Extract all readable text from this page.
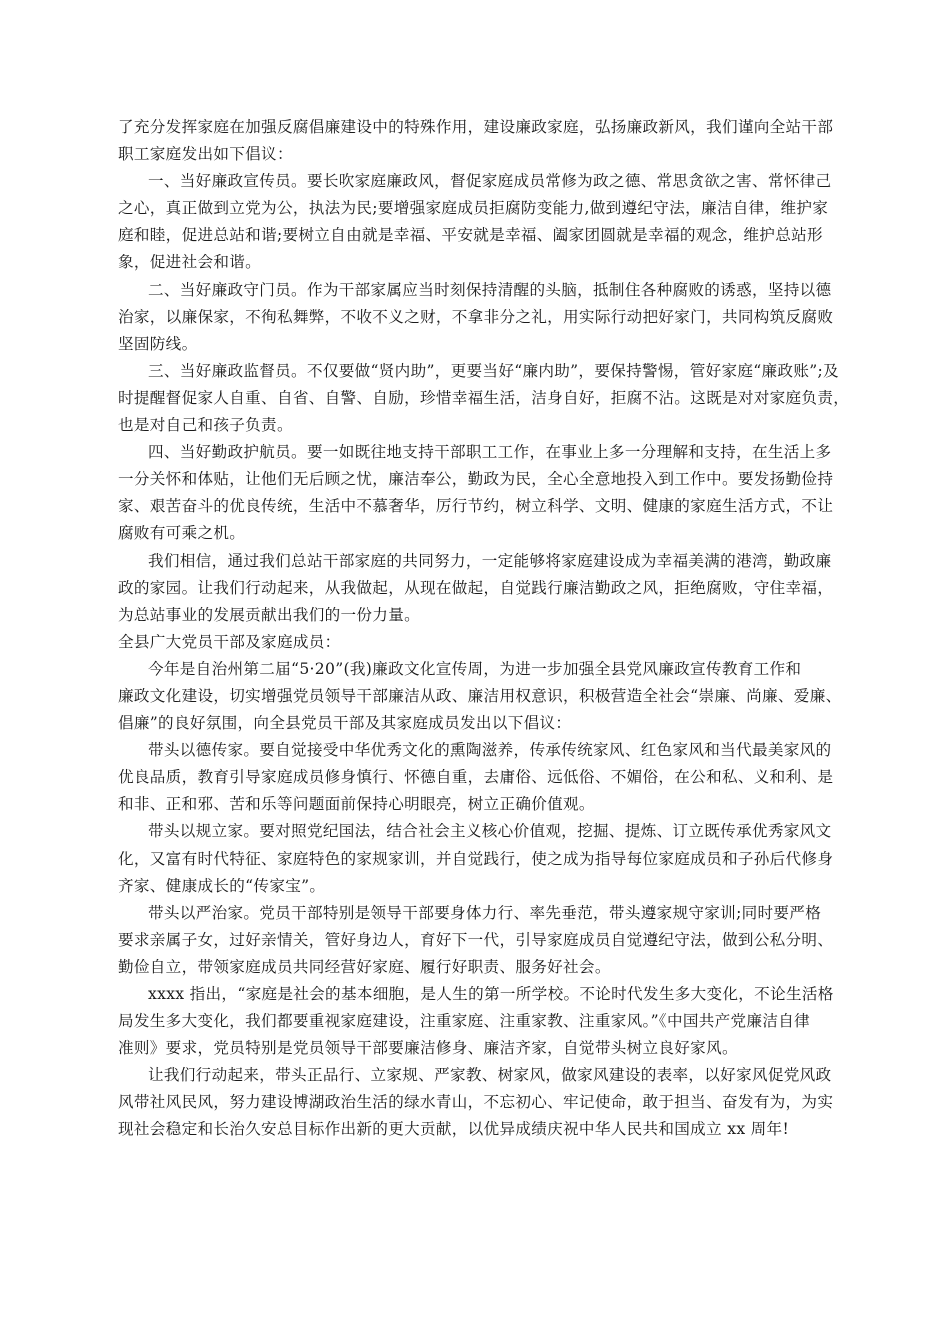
了充分发挥家庭在加强反腐倡廉建设中的特殊作用，建设廉政家庭，弘扬廉政新风，我们谨向全站干部
职工家庭发出如下倡议：
一、当好廉政宣传员。要长吹家庭廉政风，督促家庭成员常修为政之德、常思贪欲之害、常怀律己
之心，真正做到立党为公，执法为民;要增强家庭成员拒腐防变能力,做到遵纪守法，廉洁自律，维护家
庭和睦，促进总站和谐;要树立自由就是幸福、平安就是幸福、阖家团圆就是幸福的观念，维护总站形
象，促进社会和谐。
二、当好廉政守门员。作为干部家属应当时刻保持清醒的头脑，抵制住各种腐败的诱惑，坚持以德
治家，以廉保家，不徇私舞弊，不收不义之财，不拿非分之礼，用实际行动把好家门，共同构筑反腐败
坚固防线。
三、当好廉政监督员。不仅要做“贤内助”，更要当好“廉内助”，要保持警惕，管好家庭“廉政账”;及
时提醒督促家人自重、自省、自警、自励，珍惜幸福生活，洁身自好，拒腐不沾。这既是对对家庭负责，
也是对自己和孩子负责。
四、当好勤政护航员。要一如既往地支持干部职工工作，在事业上多一分理解和支持，在生活上多
一分关怀和体贴，让他们无后顾之忧，廉洁奉公，勤政为民，全心全意地投入到工作中。要发扬勤俭持
家、艰苦奋斗的优良传统，生活中不慕奢华，厉行节约，树立科学、文明、健康的家庭生活方式，不让
腐败有可乘之机。
我们相信，通过我们总站干部家庭的共同努力，一定能够将家庭建设成为幸福美满的港湾，勤政廉
政的家园。让我们行动起来，从我做起，从现在做起，自觉践行廉洁勤政之风，拒绝腐败，守住幸福，
为总站事业的发展贡献出我们的一份力量。
全县广大党员干部及家庭成员：
今年是自治州第二届“5·20”(我)廉政文化宣传周，为进一步加强全县党风廉政宣传教育工作和
廉政文化建设，切实增强党员领导干部廉洁从政、廉洁用权意识，积极营造全社会“崇廉、尚廉、爱廉、
倡廉”的良好氛围，向全县党员干部及其家庭成员发出以下倡议：
带头以德传家。要自觉接受中华优秀文化的熏陶滋养，传承传统家风、红色家风和当代最美家风的
优良品质，教育引导家庭成员修身慎行、怀德自重，去庸俗、远低俗、不媚俗，在公和私、义和利、是
和非、正和邪、苦和乐等问题面前保持心明眼亮，树立正确价值观。
带头以规立家。要对照党纪国法，结合社会主义核心价值观，挖掘、提炼、订立既传承优秀家风文
化，又富有时代特征、家庭特色的家规家训，并自觉践行，使之成为指导每位家庭成员和子孙后代修身
齐家、健康成长的“传家宝”。
带头以严治家。党员干部特别是领导干部要身体力行、率先垂范，带头遵家规守家训;同时要严格
要求亲属子女，过好亲情关，管好身边人，育好下一代，引导家庭成员自觉遵纪守法，做到公私分明、
勤俭自立，带领家庭成员共同经营好家庭、履行好职责、服务好社会。
xxxx 指出，“家庭是社会的基本细胞，是人生的第一所学校。不论时代发生多大变化，不论生活格
局发生多大变化，我们都要重视家庭建设，注重家庭、注重家教、注重家风。”《中国共产党廉洁自律
准则》要求，党员特别是党员领导干部要廉洁修身、廉洁齐家，自觉带头树立良好家风。
让我们行动起来，带头正品行、立家规、严家教、树家风，做家风建设的表率，以好家风促党风政
风带社风民风，努力建设博湖政治生活的绿水青山，不忘初心、牢记使命，敢于担当、奋发有为，为实
现社会稳定和长治久安总目标作出新的更大贡献，以优异成绩庆祝中华人民共和国成立 xx 周年!
